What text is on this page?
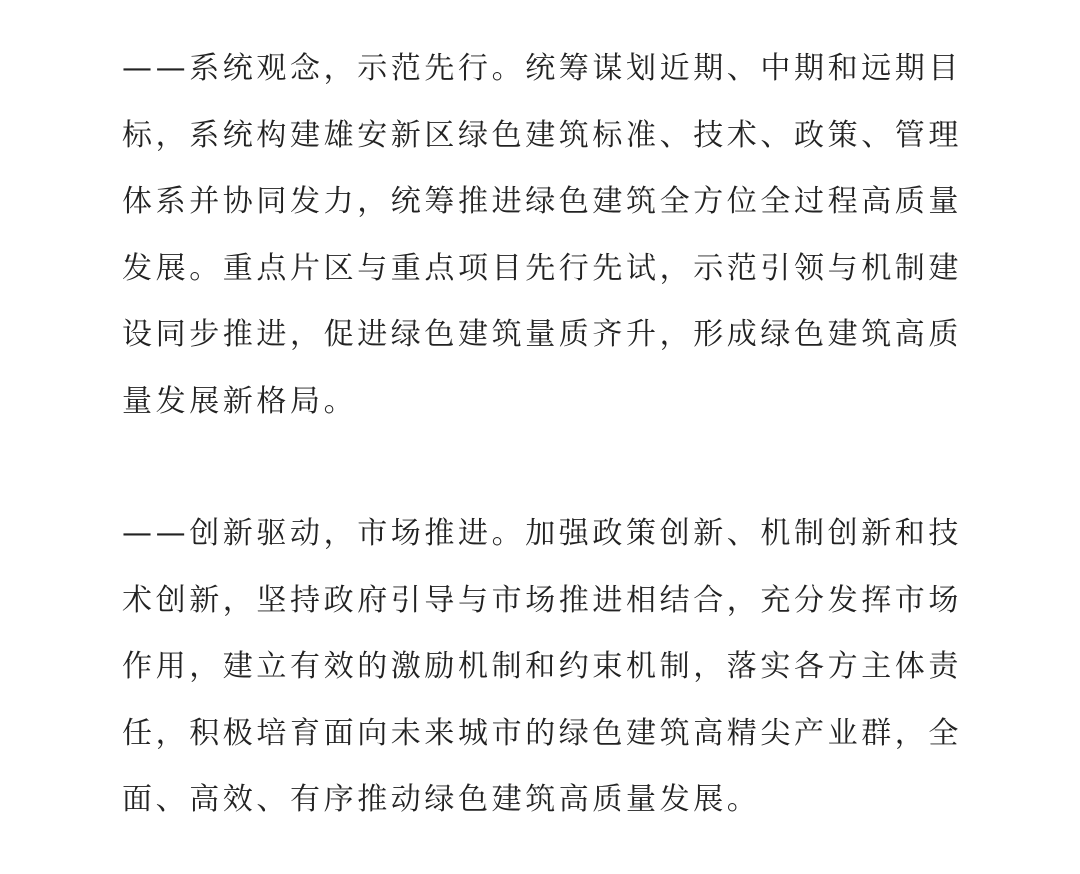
——系统观念，示范先行。统筹谋划近期、中期和远期目标，系统构建雄安新区绿色建筑标准、技术、政策、管理体系并协同发力，统筹推进绿色建筑全方位全过程高质量发展。重点片区与重点项目先行先试，示范引领与机制建设同步推进，促进绿色建筑量质齐升，形成绿色建筑高质量发展新格局。

——创新驱动，市场推进。加强政策创新、机制创新和技术创新，坚持政府引导与市场推进相结合，充分发挥市场作用，建立有效的激励机制和约束机制，落实各方主体责任，积极培育面向未来城市的绿色建筑高精尖产业群，全面、高效、有序推动绿色建筑高质量发展。
